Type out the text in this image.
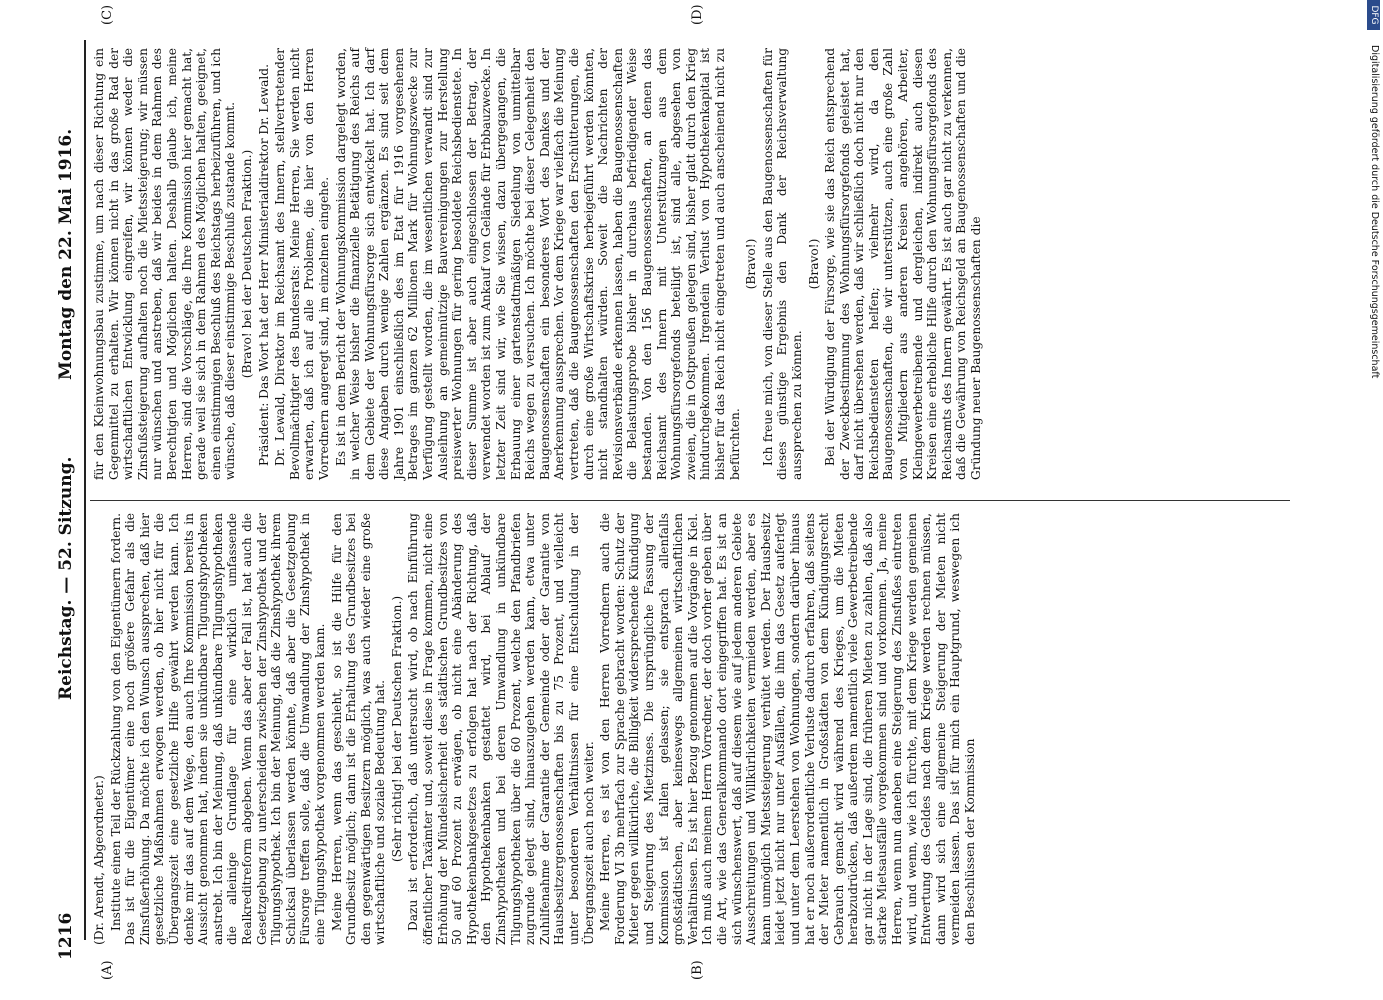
1216
Reichstag. — 52. Sitzung.
Montag den 22. Mai 1916.
(A)	(B)
(C)	(D)

(Dr. Arendt, Abgeordneter.) Institute einen Teil der Rückzahlung von den Eigentümern fordern. Das ist für die Eigentümer eine noch größere Gefahr als die Zinsfußerhöhung. Da möchte ich den Wunsch aussprechen, daß hier gesetzliche Maßnahmen erwogen werden, ob hier nicht für die Übergangszeit eine gesetzliche Hilfe gewährt werden kann. Ich denke mir das auf dem Wege, den auch Ihre Kommission bereits in Aussicht genommen hat, indem sie unkündbare Tilgungshypotheken anstrebt. Ich bin der Meinung, daß unkündbare Tilgungshypotheken die alleinige Grundlage für eine wirklich umfassende Realkreditreform abgeben. Wenn das aber der Fall ist, hat auch die Gesetzgebung zu unterscheiden zwischen der Zinshypothek und der Tilgungshypothek. Ich bin der Meinung, daß die Zinshypothek ihrem Schicksal überlassen werden könnte, daß aber die Gesetzgebung Fürsorge treffen solle, daß die Umwandlung der Zinshypothek in eine Tilgungshypothek vorgenommen werden kann. Meine Herren, wenn das geschieht, so ist die Hilfe für den Grundbesitz möglich; dann ist die Erhaltung des Grundbesitzes bei den gegenwärtigen Besitzern möglich, was auch wieder eine große wirtschaftliche und soziale Bedeutung hat. (Sehr richtig! bei der Deutschen Fraktion.) Dazu ist erforderlich, daß untersucht wird, ob nach Einführung öffentlicher Taxämter und, soweit diese in Frage kommen, nicht eine Erhöhung der Mündelsicherheit des städtischen Grundbesitzes von 50 auf 60 Prozent zu erwägen, ob nicht eine Abänderung des Hypothekenbankgesetzes zu erfolgen hat nach der Richtung, daß den Hypothekenbanken gestattet wird, bei Ablauf der Zinshypotheken und bei deren Umwandlung in unkündbare Tilgungshypotheken über die 60 Prozent, welche den Pfandbriefen zugrunde gelegt sind, hinauszugehen werden kann, etwa unter Zuhilfenahme der Garantie der Gemeinde oder der Garantie von Hausbesitzergenossenschaften bis zu 75 Prozent, und vielleicht unter besonderen Verhältnissen für eine Entschuldung in der Übergangszeit auch noch weiter. Meine Herren, es ist von den Herren Vorrednern auch die Forderung VI 3b mehrfach zur Sprache gebracht worden: Schutz der Mieter gegen willkürliche, die Billigkeit widersprechende Kündigung und Steigerung des Mietzinses. Die ursprüngliche Fassung der Kommission ist fallen gelassen; sie entsprach allenfalls großstädtischen, aber keineswegs allgemeinen wirtschaftlichen Verhältnissen. Es ist hier Bezug genommen auf die Vorgänge in Kiel. Ich muß auch meinem Herrn Vorredner, der doch vorher geben über die Art, wie das Generalkommando dort eingegriffen hat. Es ist an sich wünschenswert, daß auf diesem wie auf jedem anderen Gebiete Ausschreitungen und Willkürlichkeiten vermieden werden, aber es kann unmöglich Mietssteigerung verhütet werden. Der Hausbesitz leidet jetzt nicht nur unter Ausfällen, die ihm das Gesetz auferlegt und unter dem Leerstehen von Wohnungen, sondern darüber hinaus hat er noch außerordentliche Verluste dadurch erfahren, daß seitens der Mieter namentlich in Großstädten von dem Kündigungsrecht Gebrauch gemacht wird während des Krieges, um die Mieten herabzudrücken, daß außerdem namentlich viele Gewerbetreibende gar nicht in der Lage sind, die früheren Mieten zu zahlen, daß also starke Mietsausfälle vorgekommen sind und vorkommen. Ja, meine Herren, wenn nun daneben eine Steigerung des Zinsfußes eintreten wird, und wenn, wie ich fürchte, mit dem Kriege werden gemeinen Entwertung des Geldes nach dem Kriege werden rechnen müssen, dann wird sich eine allgemeine Steigerung der Mieten nicht vermeiden lassen. Das ist für mich ein Hauptgrund, weswegen ich den Beschlüssen der Kommission

für den Kleinwohnungsbau zustimme, um nach dieser Richtung ein Gegenmittel zu erhalten. Wir können nicht in das große Rad der wirtschaftlichen Entwicklung eingreifen, wir können weder die Zinsfußsteigerung aufhalten noch die Mietssteigerung; wir müssen nur wünschen und anstreben, daß wir beides in dem Rahmen des Berechtigten und Möglichen halten. Deshalb glaube ich, meine Herren, sind die Vorschläge, die Ihre Kommission hier gemacht hat, gerade weil sie sich in dem Rahmen des Möglichen halten, geeignet, einen einstimmigen Beschluß des Reichstags herbeizuführen, und ich wünsche, daß dieser einstimmige Beschluß zustande kommt. (Bravo! bei der Deutschen Fraktion.) Präsident: Das Wort hat der Herr Ministerialdirektor Dr. Lewald. Dr. Lewald, Direktor im Reichsamt des Innern, stellvertretender Bevollmächtigter des Bundesrats: Meine Herren, Sie werden nicht erwarten, daß ich auf alle Probleme, die hier von den Herren Vorrednern angeregt sind, im einzelnen eingehe. Es ist in dem Bericht der Wohnungskommission dargelegt worden, in welcher Weise bisher die finanzielle Betätigung des Reichs auf dem Gebiete der Wohnungsfürsorge sich entwickelt hat. Ich darf diese Angaben durch wenige Zahlen ergänzen. Es sind seit dem Jahre 1901 einschließlich des im Etat für 1916 vorgesehenen Betrages im ganzen 62 Millionen Mark für Wohnungszwecke zur Verfügung gestellt worden, die im wesentlichen verwandt sind zur Ausleihung an gemeinnützige Bauvereinigungen zur Herstellung preiswerter Wohnungen für gering besoldete Reichsbedienstete. In dieser Summe ist aber auch eingeschlossen der Betrag, der verwendet worden ist zum Ankauf von Gelände für Erbbauzwecke. In letzter Zeit sind wir, wie Sie wissen, dazu übergegangen, die Erbauung einer gartenstadtmäßigen Siedelung von unmittelbar Reichs wegen zu versuchen. Ich möchte bei dieser Gelegenheit den Baugenossenschaften ein besonderes Wort des Dankes und der Anerkennung aussprechen. Vor dem Kriege war vielfach die Meinung vertreten, daß die Baugenossenschaften den Erschütterungen, die durch eine große Wirtschaftskrise herbeigeführt werden könnten, nicht standhalten würden. Soweit die Nachrichten der Revisionsverbände erkennen lassen, haben die Baugenossenschaften die Belastungsprobe bisher in durchaus befriedigender Weise bestanden. Von den 156 Baugenossenschaften, an denen das Reichsamt des Innern mit Unterstützungen aus dem Wohnungsfürsorgefonds beteiligt ist, sind alle, abgesehen von zweien, die in Ostpreußen gelegen sind, bisher glatt durch den Krieg hindurchgekommen. Irgendein Verlust von Hypothekenkapital ist bisher für das Reich nicht eingetreten und auch anscheinend nicht zu befürchten.

(Bravo!) Ich freue mich, von dieser Stelle aus den Baugenossenschaften für dieses günstige Ergebnis den Dank der Reichsverwaltung aussprechen zu können.

(Bravo!) Bei der Würdigung der Fürsorge, wie sie das Reich entsprechend der Zweckbestimmung des Wohnungsfürsorgefonds geleistet hat, darf nicht übersehen werden, daß wir schließlich doch nicht nur den Reichsbediensteten helfen; vielmehr wird, da den Baugenossenschaften, die wir unterstützen, auch eine große Zahl von Mitgliedern aus anderen Kreisen angehören, Arbeiter, Kleingewerbetreibende und dergleichen, indirekt auch diesen Kreisen eine erhebliche Hilfe durch den Wohnungsfürsorgefonds des Reichsamts des Innern gewährt. Es ist auch gar nicht zu verkennen, daß die Gewährung von Reichsgeld an Baugenossenschaften und die Gründung neuer Baugenossenschaften die

DFG
Digitalisierung gefördert durch die Deutsche Forschungsgemeinschaft
